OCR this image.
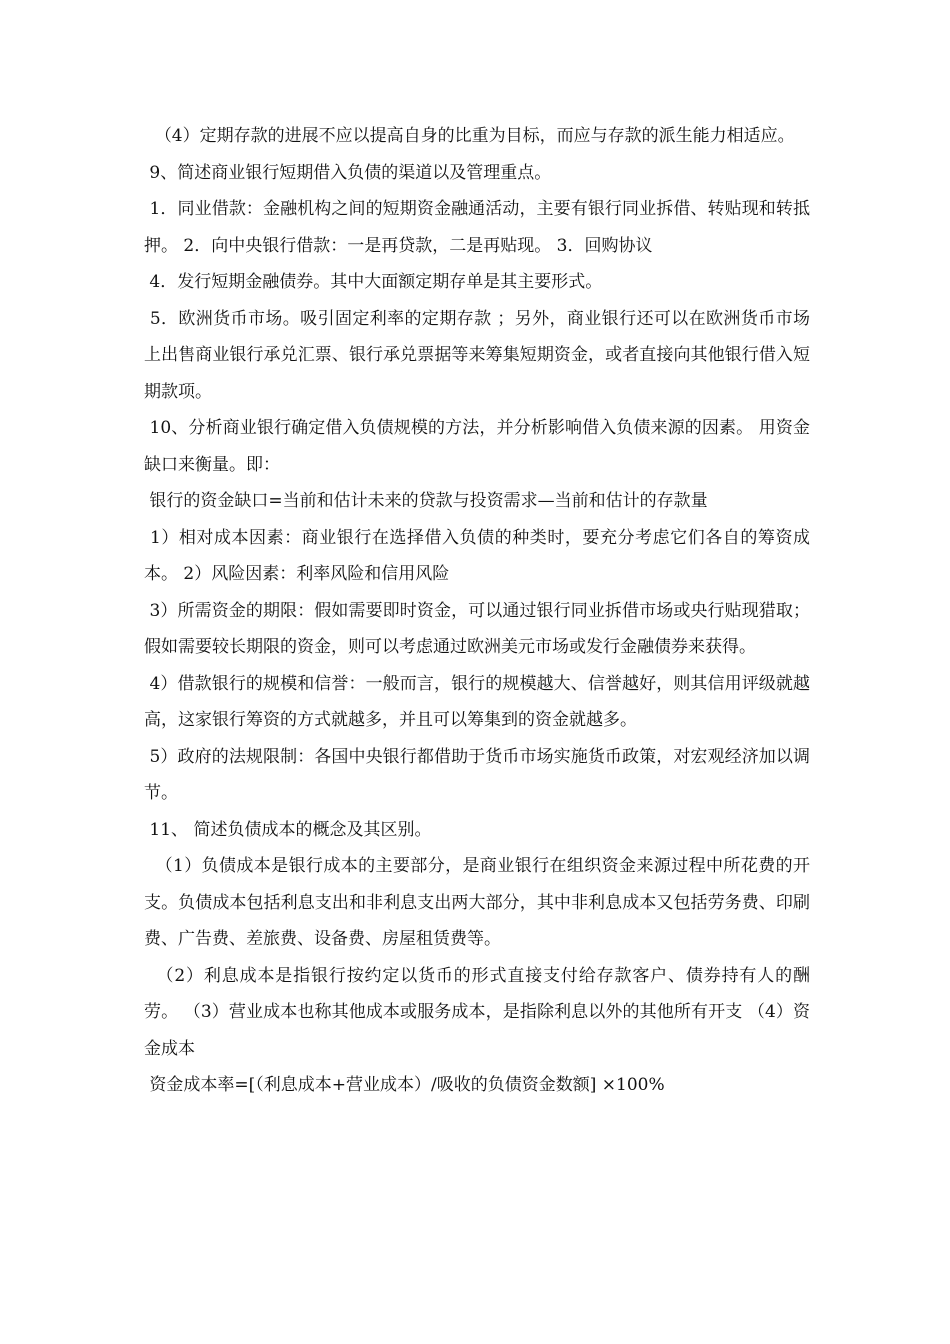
（4）定期存款的进展不应以提高自身的比重为目标，而应与存款的派生能力相适应。

9、简述商业银行短期借入负债的渠道以及管理重点。

1．同业借款：金融机构之间的短期资金融通活动，主要有银行同业拆借、转贴现和转抵押。 2．向中央银行借款：一是再贷款，二是再贴现。 3．回购协议

4．发行短期金融债券。其中大面额定期存单是其主要形式。

5．欧洲货币市场。吸引固定利率的定期存款 ；另外，商业银行还可以在欧洲货币市场上出售商业银行承兑汇票、银行承兑票据等来筹集短期资金，或者直接向其他银行借入短期款项。

10、分析商业银行确定借入负债规模的方法，并分析影响借入负债来源的因素。 用资金缺口来衡量。即：

银行的资金缺口=当前和估计未来的贷款与投资需求—当前和估计的存款量

1）相对成本因素：商业银行在选择借入负债的种类时，要充分考虑它们各自的筹资成本。 2）风险因素：利率风险和信用风险

3）所需资金的期限：假如需要即时资金，可以通过银行同业拆借市场或央行贴现猎取；假如需要较长期限的资金，则可以考虑通过欧洲美元市场或发行金融债券来获得。

4）借款银行的规模和信誉：一般而言，银行的规模越大、信誉越好，则其信用评级就越高，这家银行筹资的方式就越多，并且可以筹集到的资金就越多。

5）政府的法规限制：各国中央银行都借助于货币市场实施货币政策，对宏观经济加以调节。

11、 简述负债成本的概念及其区别。

（1）负债成本是银行成本的主要部分，是商业银行在组织资金来源过程中所花费的开支。负债成本包括利息支出和非利息支出两大部分，其中非利息成本又包括劳务费、印刷费、广告费、差旅费、设备费、房屋租赁费等。

（2）利息成本是指银行按约定以货币的形式直接支付给存款客户、债券持有人的酬劳。 （3）营业成本也称其他成本或服务成本，是指除利息以外的其他所有开支 （4）资金成本

资金成本率=[（利息成本+营业成本）/吸收的负债资金数额] ×100%
